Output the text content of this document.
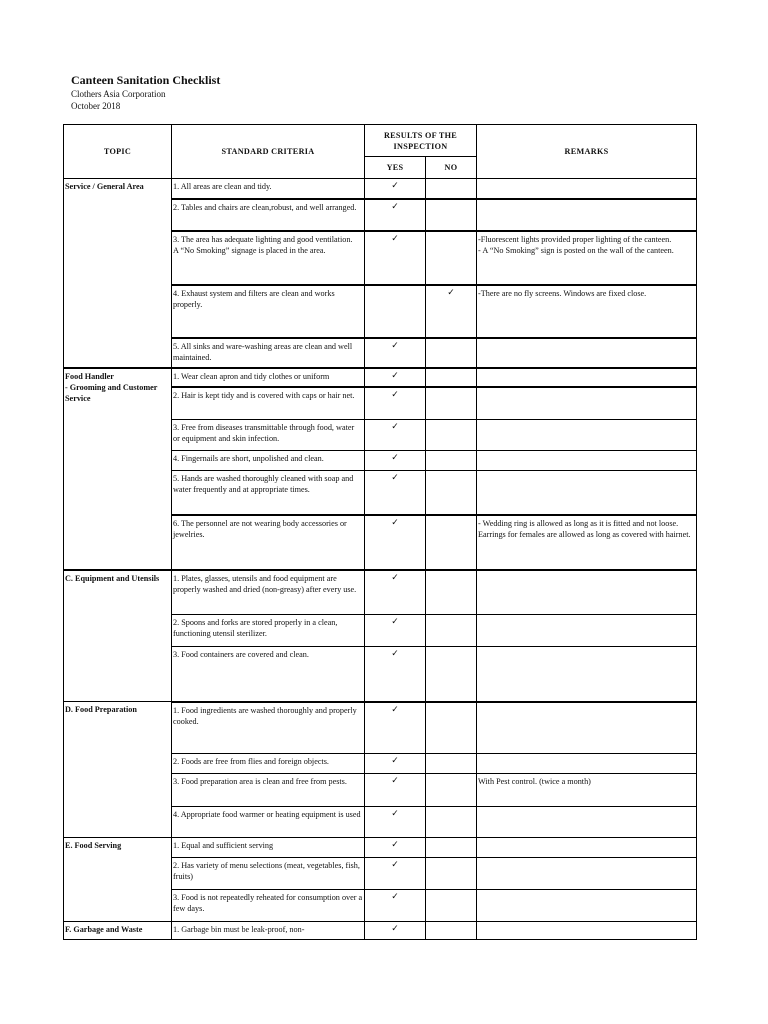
Canteen Sanitation Checklist
Clothers Asia Corporation
October 2018
TOPIC	STANDARD CRITERIA	RESULTS OF THE INSPECTION		REMARKS
		YES	NO	
Service / General Area	1. All areas are clean and tidy.	✓		
	2. Tables and chairs are clean,robust, and well arranged.	✓		
	3. The area has adequate lighting and good ventilation.
A “No Smoking” signage is placed in the area.	✓		-Fluorescent lights provided proper lighting of the canteen.
- A “No Smoking” sign is posted on the wall of the canteen.
	4. Exhaust system and filters are clean and works properly.		✓	-There are no fly screens. Windows are fixed close.
	5. All sinks and ware-washing areas are clean and well maintained.	✓		
Food Handler
- Grooming and Customer Service	1. Wear clean apron and tidy clothes or uniform	✓		
	2. Hair is kept tidy and is covered with caps or hair net.	✓		
	3. Free from diseases transmittable through food, water or equipment and skin infection.	✓		
	4. Fingernails are short, unpolished and clean.	✓		
	5. Hands are washed thoroughly cleaned with soap and water frequently and at appropriate times.	✓		
	6. The personnel are not wearing body accessories or jewelries.	✓		- Wedding ring is allowed as long as it is fitted and not loose.
Earrings for females are allowed as long as covered with hairnet.
C. Equipment and Utensils	1. Plates, glasses, utensils and food equipment are properly washed and dried (non-greasy) after every use.	✓		
	2. Spoons and forks are stored properly in a clean, functioning utensil sterilizer.	✓		
	3. Food containers are covered and clean.	✓		
D. Food Preparation	1. Food ingredients are washed thoroughly and properly cooked.	✓		
	2. Foods are free from flies and foreign objects.	✓		
	3. Food preparation area is clean and free from pests.	✓		With Pest control. (twice a month)
	4. Appropriate food warmer or heating equipment is used	✓		
E. Food Serving	1. Equal and sufficient serving	✓		
	2. Has variety of menu selections (meat, vegetables, fish, fruits)	✓		
	3. Food is not repeatedly reheated for consumption over a few days.	✓		
F. Garbage and Waste	1. Garbage bin must be leak-proof, non-	✓		
